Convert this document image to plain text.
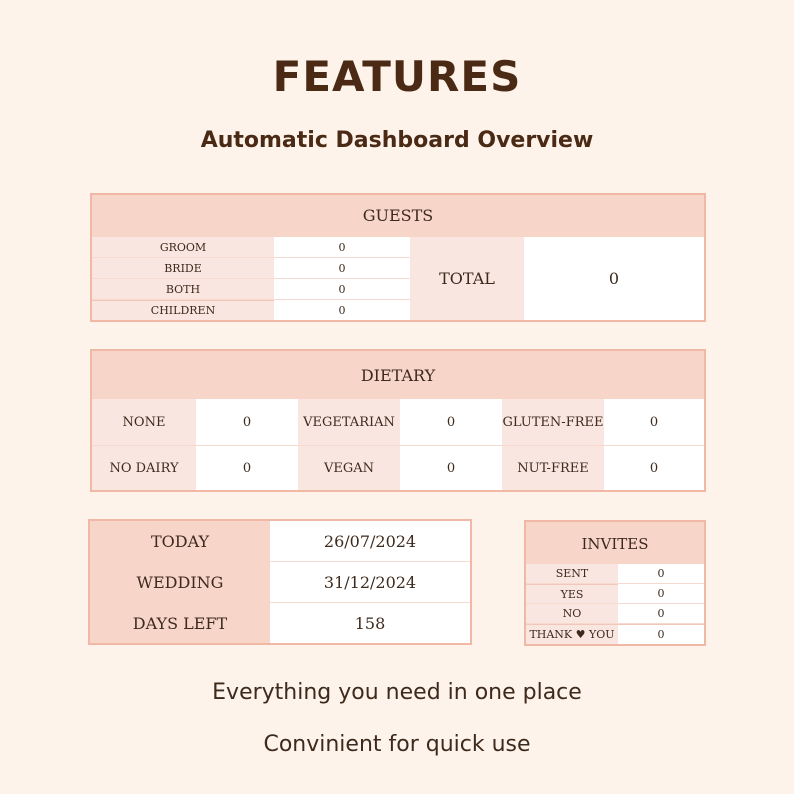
FEATURES
Automatic Dashboard Overview
GUESTS
GROOM	0
BRIDE	0
BOTH	0
CHILDREN	0
TOTAL	0
DIETARY
NONE	0	VEGETARIAN	0	GLUTEN-FREE	0
NO DAIRY	0	VEGAN	0	NUT-FREE	0
TODAY	26/07/2024
WEDDING	31/12/2024
DAYS LEFT	158
INVITES
SENT	0
YES	0
NO	0
THANK ♥ YOU	0
Everything you need in one place
Convinient for quick use
